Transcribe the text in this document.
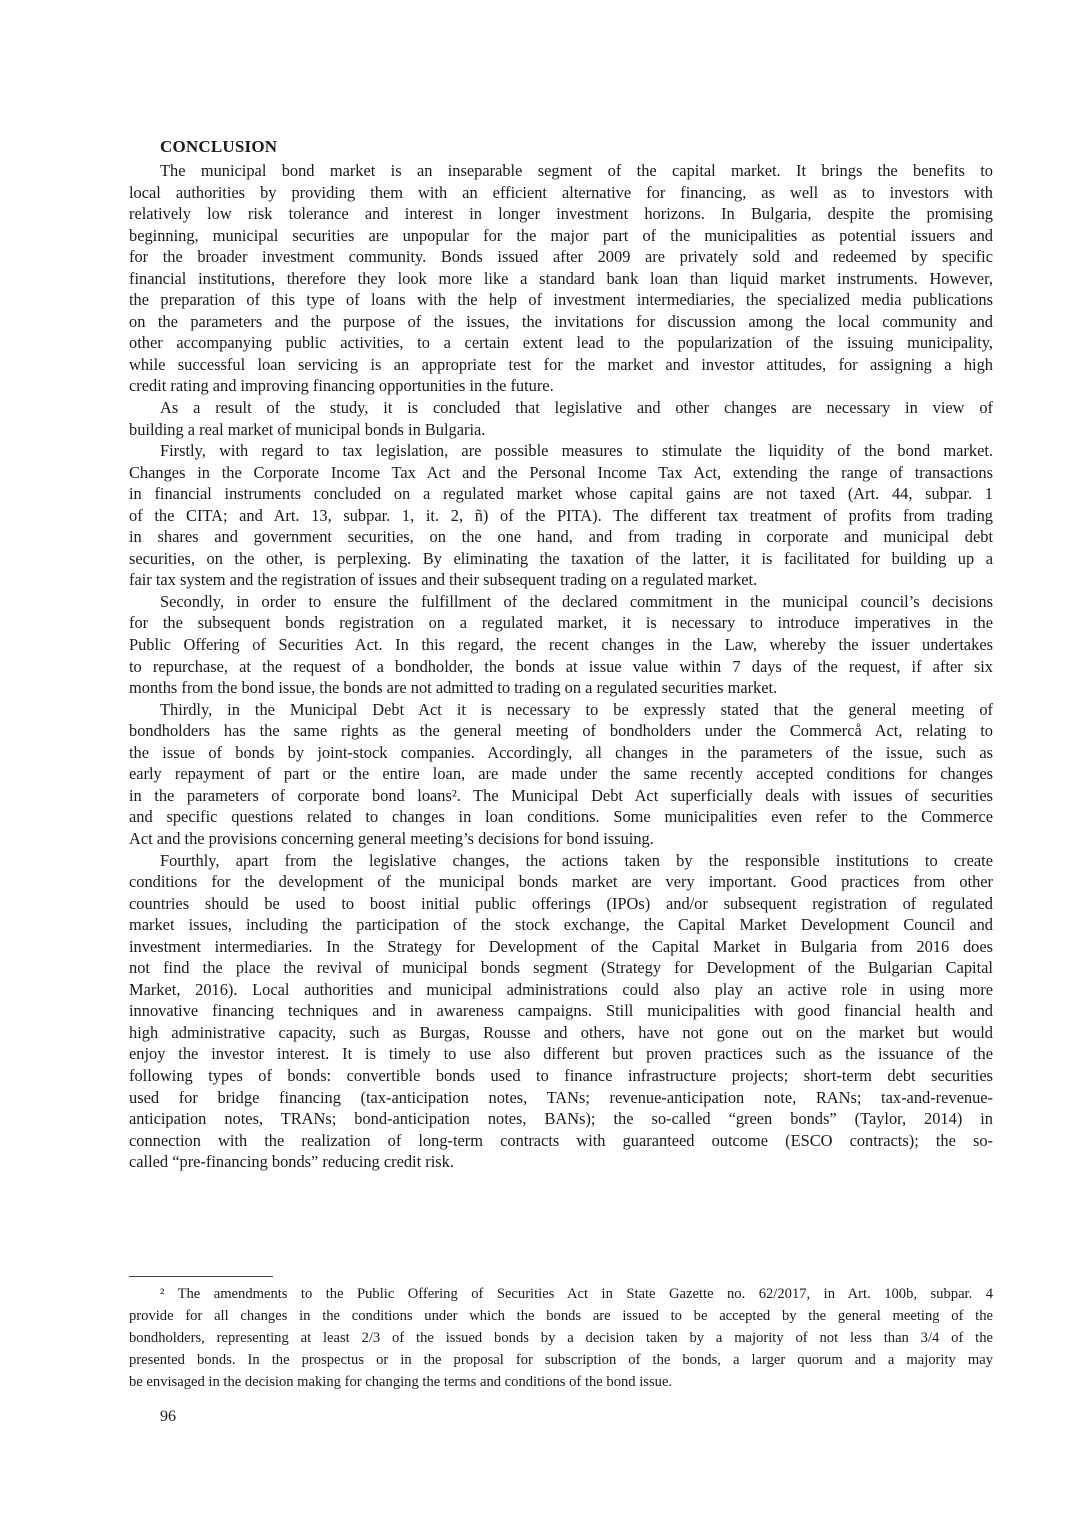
CONCLUSION
The municipal bond market is an inseparable segment of the capital market. It brings the benefits to
local authorities by providing them with an efficient alternative for financing, as well as to investors with
relatively low risk tolerance and interest in longer investment horizons. In Bulgaria, despite the promising
beginning, municipal securities are unpopular for the major part of the municipalities as potential issuers and
for the broader investment community. Bonds issued after 2009 are privately sold and redeemed by specific
financial institutions, therefore they look more like a standard bank loan than liquid market instruments. However,
the preparation of this type of loans with the help of investment intermediaries, the specialized media publications
on the parameters and the purpose of the issues, the invitations for discussion among the local community and
other accompanying public activities, to a certain extent lead to the popularization of the issuing municipality,
while successful loan servicing is an appropriate test for the market and investor attitudes, for assigning a high
credit rating and improving financing opportunities in the future.
As a result of the study, it is concluded that legislative and other changes are necessary in view of
building a real market of municipal bonds in Bulgaria.
Firstly, with regard to tax legislation, are possible measures to stimulate the liquidity of the bond market.
Changes in the Corporate Income Tax Act and the Personal Income Tax Act, extending the range of transactions
in financial instruments concluded on a regulated market whose capital gains are not taxed (Art. 44, subpar. 1
of the CITA; and Art. 13, subpar. 1, it. 2, ñ) of the PITA). The different tax treatment of profits from trading
in shares and government securities, on the one hand, and from trading in corporate and municipal debt
securities, on the other, is perplexing. By eliminating the taxation of the latter, it is facilitated for building up a
fair tax system and the registration of issues and their subsequent trading on a regulated market.
Secondly, in order to ensure the fulfillment of the declared commitment in the municipal council’s decisions
for the subsequent bonds registration on a regulated market, it is necessary to introduce imperatives in the
Public Offering of Securities Act. In this regard, the recent changes in the Law, whereby the issuer undertakes
to repurchase, at the request of a bondholder, the bonds at issue value within 7 days of the request, if after six
months from the bond issue, the bonds are not admitted to trading on a regulated securities market.
Thirdly, in the Municipal Debt Act it is necessary to be expressly stated that the general meeting of
bondholders has the same rights as the general meeting of bondholders under the Commercå Act, relating to
the issue of bonds by joint-stock companies. Accordingly, all changes in the parameters of the issue, such as
early repayment of part or the entire loan, are made under the same recently accepted conditions for changes
in the parameters of corporate bond loans². The Municipal Debt Act superficially deals with issues of securities
and specific questions related to changes in loan conditions. Some municipalities even refer to the Commerce
Act and the provisions concerning general meeting’s decisions for bond issuing.
Fourthly, apart from the legislative changes, the actions taken by the responsible institutions to create
conditions for the development of the municipal bonds market are very important. Good practices from other
countries should be used to boost initial public offerings (IPOs) and/or subsequent registration of regulated
market issues, including the participation of the stock exchange, the Capital Market Development Council and
investment intermediaries. In the Strategy for Development of the Capital Market in Bulgaria from 2016 does
not find the place the revival of municipal bonds segment (Strategy for Development of the Bulgarian Capital
Market, 2016). Local authorities and municipal administrations could also play an active role in using more
innovative financing techniques and in awareness campaigns. Still municipalities with good financial health and
high administrative capacity, such as Burgas, Rousse and others, have not gone out on the market but would
enjoy the investor interest. It is timely to use also different but proven practices such as the issuance of the
following types of bonds: convertible bonds used to finance infrastructure projects; short-term debt securities
used for bridge financing (tax-anticipation notes, TANs; revenue-anticipation note, RANs; tax-and-revenue-
anticipation notes, TRANs; bond-anticipation notes, BANs); the so-called “green bonds” (Taylor, 2014) in
connection with the realization of long-term contracts with guaranteed outcome (ESCO contracts); the so-
called “pre-financing bonds” reducing credit risk.
² The amendments to the Public Offering of Securities Act in State Gazette no. 62/2017, in Art. 100b, subpar. 4
provide for all changes in the conditions under which the bonds are issued to be accepted by the general meeting of the
bondholders, representing at least 2/3 of the issued bonds by a decision taken by a majority of not less than 3/4 of the
presented bonds. In the prospectus or in the proposal for subscription of the bonds, a larger quorum and a majority may
be envisaged in the decision making for changing the terms and conditions of the bond issue.
96
